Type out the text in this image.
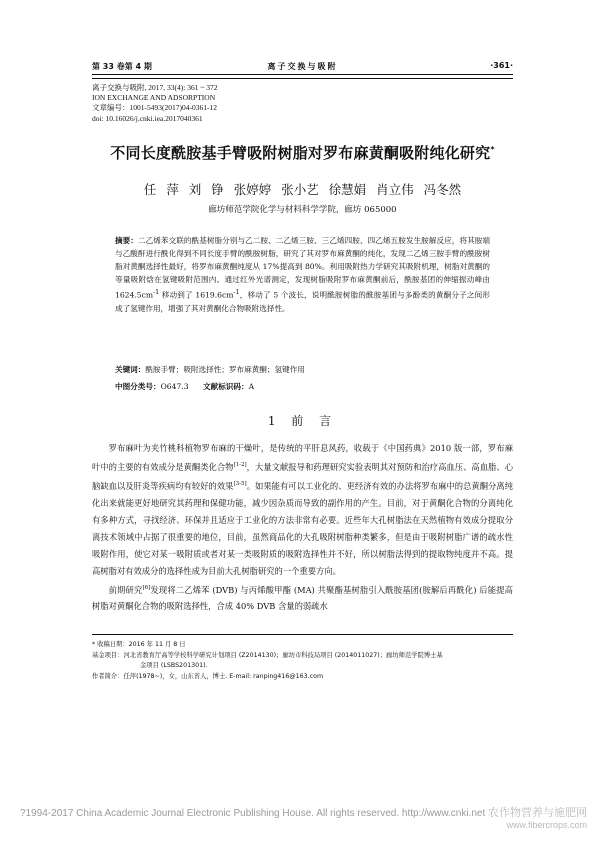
第 33 卷第 4 期	离子交换与吸附	·361·
离子交换与吸附, 2017, 33(4): 361 ~ 372
ION EXCHANGE AND ADSORPTION
文章编号：1001-5493(2017)04-0361-12
doi: 10.16026/j.cnki.iea.2017040361
不同长度酰胺基手臂吸附树脂对罗布麻黄酮吸附纯化研究*
任 萍 刘 铮 张婷婷 张小艺 徐慧娟 肖立伟 冯冬然
廊坊师范学院化学与材料科学学院，廊坊 065000

摘要：二乙烯苯交联的酰基树脂分别与乙二胺、二乙烯三胺、三乙烯四胺、四乙烯五胺发生胺解反应，将其胺端与乙酸酐进行酰化得到不同长度手臂的酰胺树脂，研究了其对罗布麻黄酮的纯化，发现二乙烯三胺手臂的酰胺树脂对黄酮选择性最好，将罗布麻黄酮纯度从 17%提高到 80%。利用吸附热力学研究其吸附机理，树脂对黄酮的等量吸附焓在氢键吸附范围内。通过红外光谱测定，发现树脂吸附罗布麻黄酮前后，酰胺基团的伸缩振动峰由 $1624.5cm^{-1}$ 移动到了 $1619.6cm^{-1}$，移动了 5 个波长，说明酰胺树脂的酰胺基团与多酚类的黄酮分子之间形成了氢键作用，增强了其对黄酮化合物吸附选择性。

关键词：酰胺手臂；吸附选择性；罗布麻黄酮；氢键作用
中图分类号：O647.3 文献标识码：A
1 前 言

罗布麻叶为夹竹桃科植物罗布麻的干燥叶，是传统的平肝息风药，收载于《中国药典》2010 版一部，罗布麻叶中的主要的有效成分是黄酮类化合物[1-2]，大量文献报导和药理研究实验表明其对预防和治疗高血压、高血脂、心脑缺血以及肝炎等疾病均有较好的效果[3-5]。如果能有可以工业化的、更经济有效的办法将罗布麻中的总黄酮分离纯化出来就能更好地研究其药理和保健功能，减少因杂质而导致的副作用的产生。目前，对于黄酮化合物的分离纯化有多种方式，寻找经济、环保并且适应于工业化的方法非常有必要。近些年大孔树脂法在天然植物有效成分提取分离技术领域中占据了很重要的地位，目前，虽然商品化的大孔吸附树脂种类繁多，但是由于吸附树脂广谱的疏水性吸附作用，使它对某一吸附质或者对某一类吸附质的吸附选择性并不好，所以树脂法得到的提取物纯度并不高。提高树脂对有效成分的选择性成为目前大孔树脂研究的一个重要方向。

前期研究[6]发现将二乙烯苯 (DVB) 与丙烯酸甲酯 (MA) 共聚酯基树脂引入酰胺基团(胺解后再酰化) 后能提高树脂对黄酮化合物的吸附选择性，合成 40% DVB 含量的弱疏水

* 收稿日期：2016 年 11 月 8 日
基金项目：河北省教育厅高等学校科学研究计划项目 (Z2014130)；廊坊市科技局项目 (2014011027)；廊坊师范学院博士基
金项目 (LSBS201301).
作者简介：任萍(1978~)，女，山东省人，博士. E-mail: ranping416@163.com
?1994-2017 China Academic Journal Electronic Publishing House. All rights reserved. http://www.cnki.net 农作物营养与施肥网
www.fibercrops.com
